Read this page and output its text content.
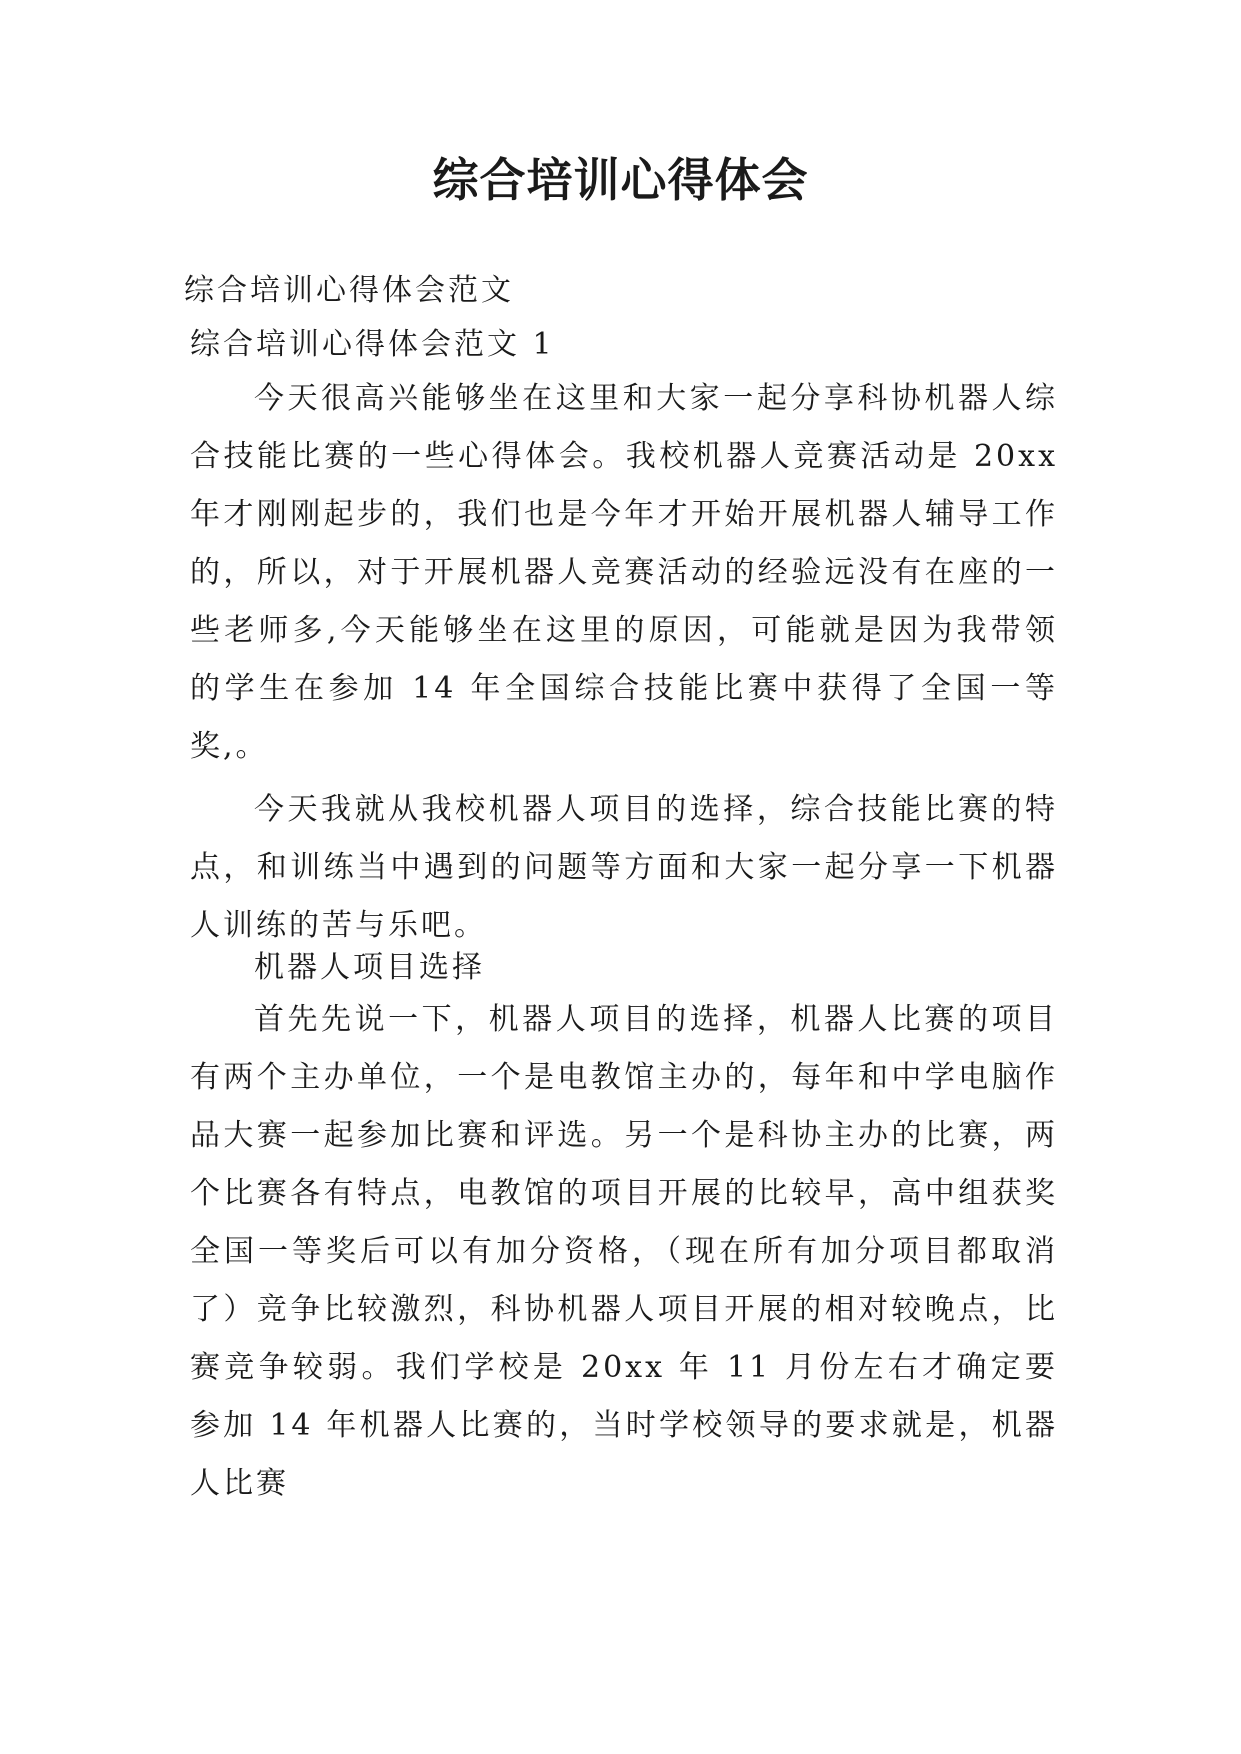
综合培训心得体会

综合培训心得体会范文

综合培训心得体会范文 1

今天很高兴能够坐在这里和大家一起分享科协机器人综合技能比赛的一些心得体会。我校机器人竞赛活动是 20xx年才刚刚起步的，我们也是今年才开始开展机器人辅导工作的，所以，对于开展机器人竞赛活动的经验远没有在座的一些老师多,今天能够坐在这里的原因，可能就是因为我带领的学生在参加 14 年全国综合技能比赛中获得了全国一等奖,。

今天我就从我校机器人项目的选择，综合技能比赛的特点，和训练当中遇到的问题等方面和大家一起分享一下机器人训练的苦与乐吧。

机器人项目选择

首先先说一下，机器人项目的选择，机器人比赛的项目有两个主办单位，一个是电教馆主办的，每年和中学电脑作品大赛一起参加比赛和评选。另一个是科协主办的比赛，两个比赛各有特点，电教馆的项目开展的比较早，高中组获奖全国一等奖后可以有加分资格，（现在所有加分项目都取消了）竞争比较激烈，科协机器人项目开展的相对较晚点，比赛竞争较弱。我们学校是 20xx 年 11 月份左右才确定要参加 14 年机器人比赛的，当时学校领导的要求就是，机器人比赛
